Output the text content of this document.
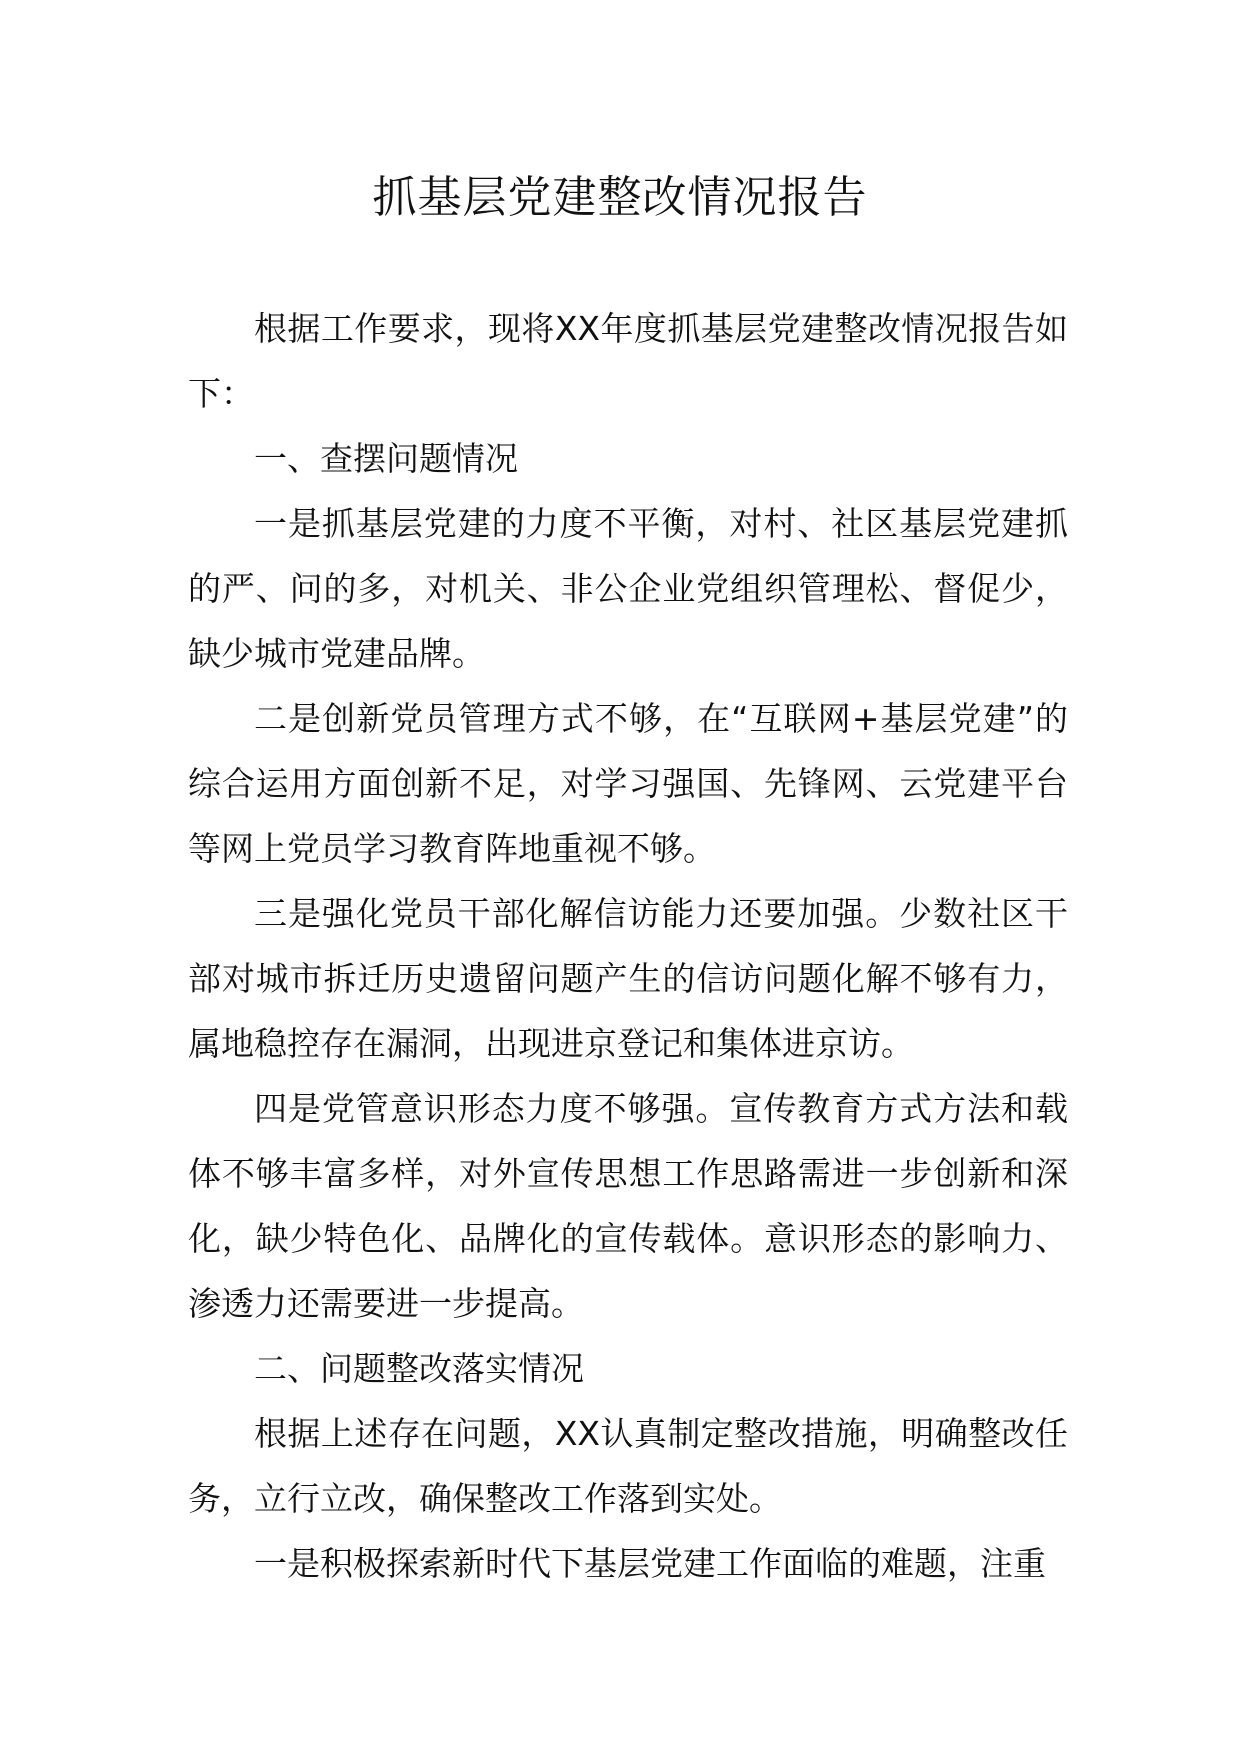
抓基层党建整改情况报告

根据工作要求，现将XX年度抓基层党建整改情况报告如下：

一、查摆问题情况

一是抓基层党建的力度不平衡，对村、社区基层党建抓的严、问的多，对机关、非公企业党组织管理松、督促少，缺少城市党建品牌。

二是创新党员管理方式不够，在“互联网+基层党建”的综合运用方面创新不足，对学习强国、先锋网、云党建平台等网上党员学习教育阵地重视不够。

三是强化党员干部化解信访能力还要加强。少数社区干部对城市拆迁历史遗留问题产生的信访问题化解不够有力，属地稳控存在漏洞，出现进京登记和集体进京访。

四是党管意识形态力度不够强。宣传教育方式方法和载体不够丰富多样，对外宣传思想工作思路需进一步创新和深化，缺少特色化、品牌化的宣传载体。意识形态的影响力、渗透力还需要进一步提高。

二、问题整改落实情况

根据上述存在问题，XX认真制定整改措施，明确整改任务，立行立改，确保整改工作落到实处。

一是积极探索新时代下基层党建工作面临的难题，注重
